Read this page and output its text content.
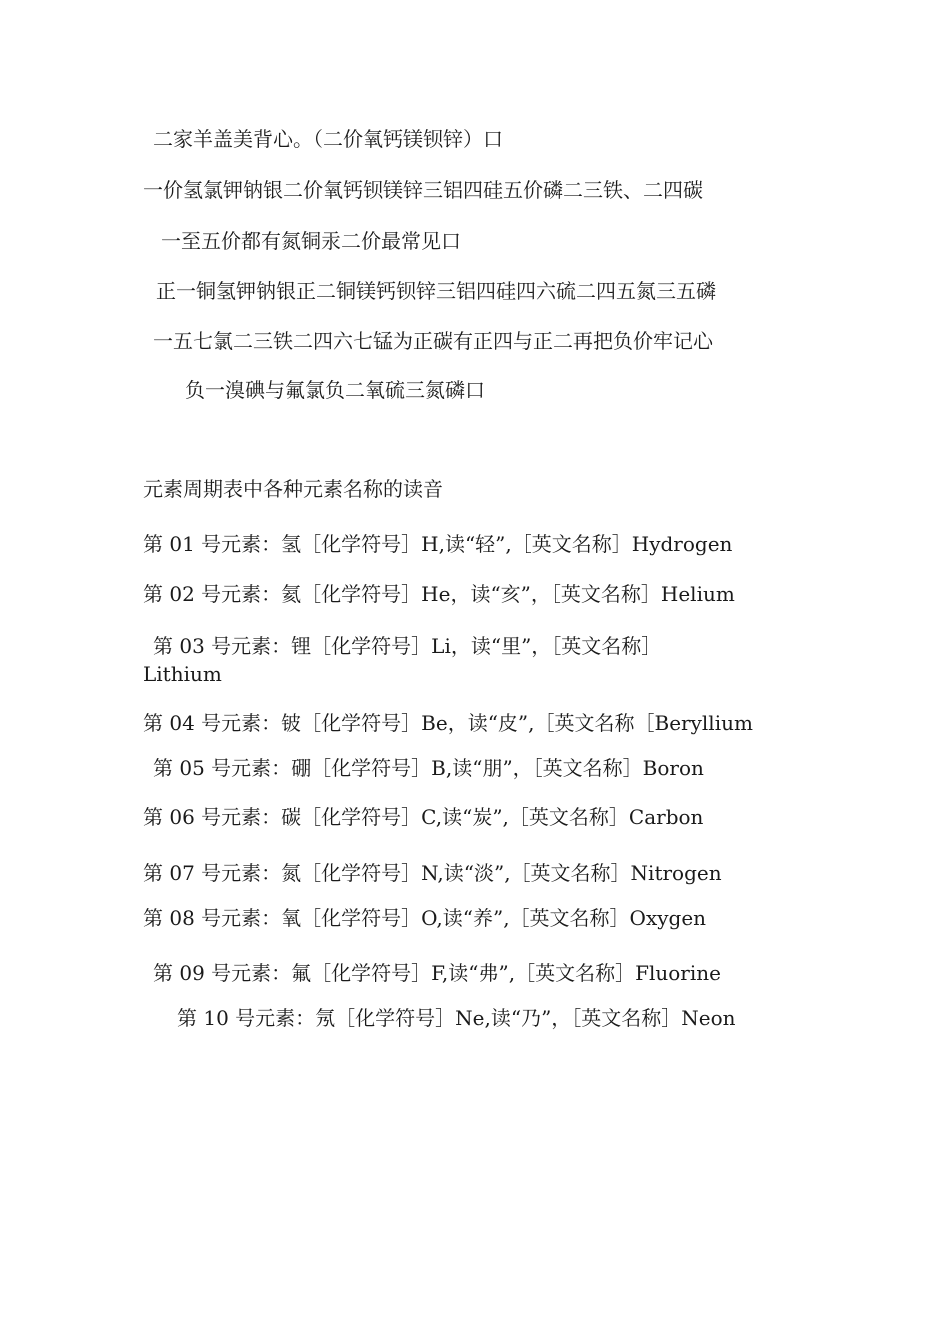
二家羊盖美背心。（二价氧钙镁钡锌）口
一价氢氯钾钠银二价氧钙钡镁锌三铝四硅五价磷二三铁、二四碳
一至五价都有氮铜汞二价最常见口
正一铜氢钾钠银正二铜镁钙钡锌三铝四硅四六硫二四五氮三五磷
一五七氯二三铁二四六七锰为正碳有正四与正二再把负价牢记心
负一溴碘与氟氯负二氧硫三氮磷口
元素周期表中各种元素名称的读音
第 01 号元素：氢［化学符号］H,读“轻”,［英文名称］Hydrogen
第 02 号元素：氦［化学符号］He，读“亥”，［英文名称］Helium
第 03 号元素：锂［化学符号］Li，读“里”，［英文名称］Lithium
第 04 号元素：铍［化学符号］Be，读“皮”,［英文名称［Beryllium
第 05 号元素：硼［化学符号］B,读“朋”，［英文名称］Boron
第 06 号元素：碳［化学符号］C,读“炭”,［英文名称］Carbon
第 07 号元素：氮［化学符号］N,读“淡”,［英文名称］Nitrogen
第 08 号元素：氧［化学符号］O,读“养”,［英文名称］Oxygen
第 09 号元素：氟［化学符号］F,读“弗”,［英文名称］Fluorine
第 10 号元素：氖［化学符号］Ne,读“乃”，［英文名称］Neon
